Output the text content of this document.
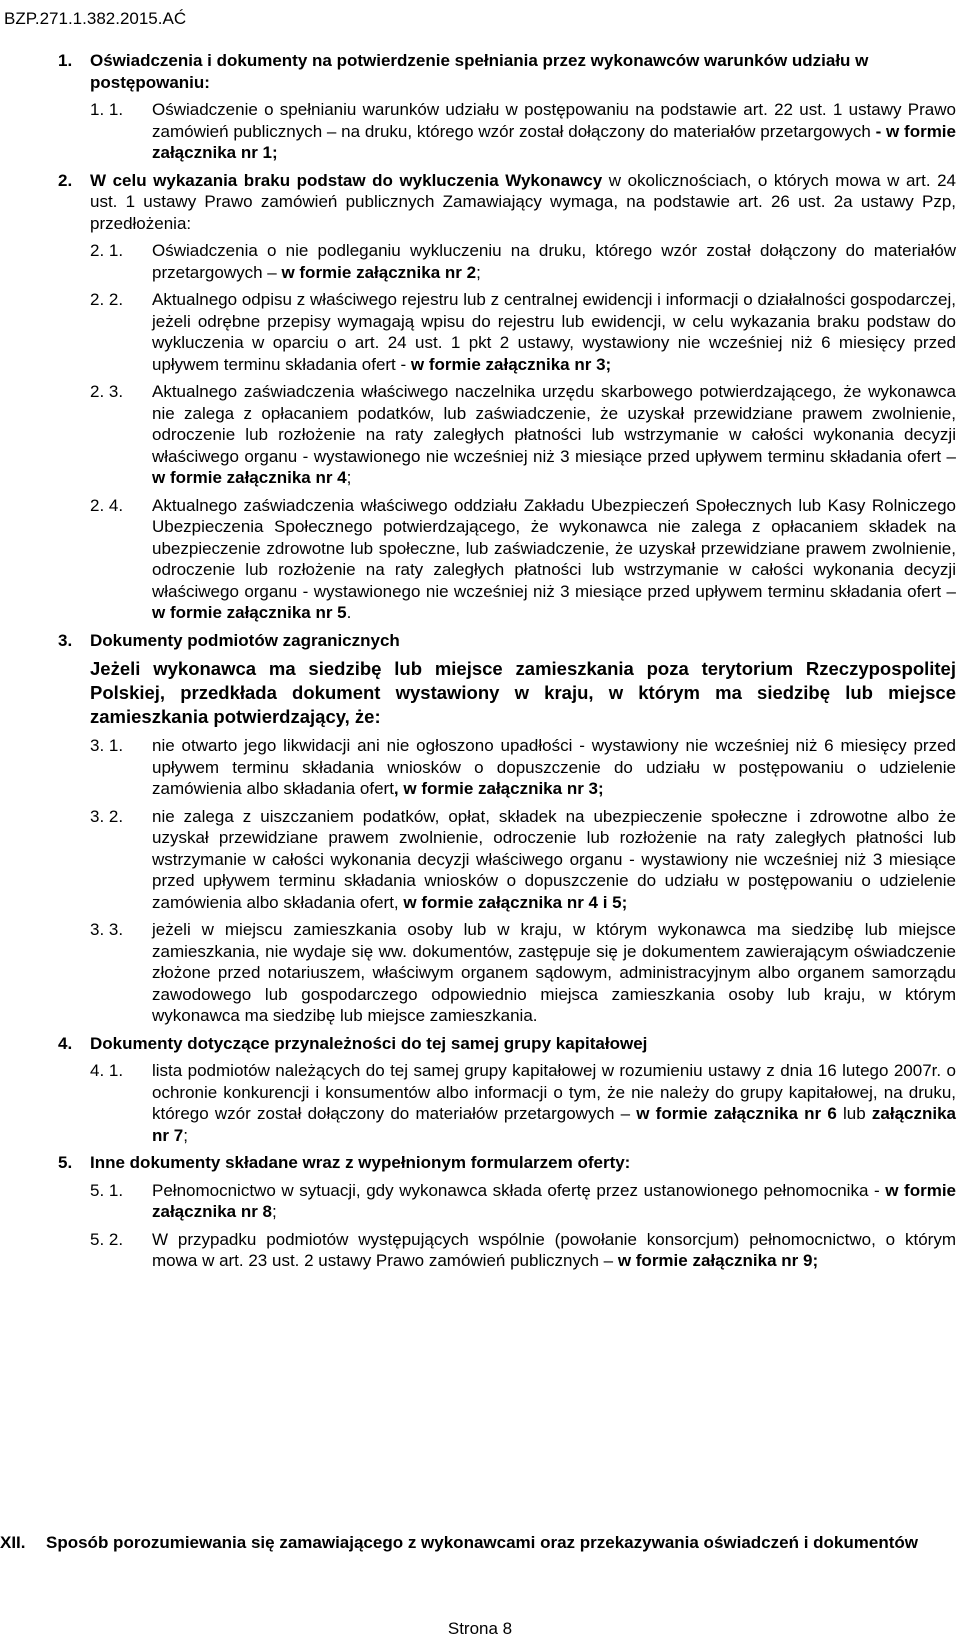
BZP.271.1.382.2015.AĆ
1. Oświadczenia i dokumenty na potwierdzenie spełniania przez wykonawców warunków udziału w postępowaniu:
1. 1. Oświadczenie o spełnianiu warunków udziału w postępowaniu na podstawie art. 22 ust. 1 ustawy Prawo zamówień publicznych – na druku, którego wzór został dołączony do materiałów przetargowych - w formie załącznika nr 1;
2. W celu wykazania braku podstaw do wykluczenia Wykonawcy w okolicznościach, o których mowa w art. 24 ust. 1 ustawy Prawo zamówień publicznych Zamawiający wymaga, na podstawie art. 26 ust. 2a ustawy Pzp, przedłożenia:
2. 1. Oświadczenia o nie podleganiu wykluczeniu na druku, którego wzór został dołączony do materiałów przetargowych – w formie załącznika nr 2;
2. 2. Aktualnego odpisu z właściwego rejestru lub z centralnej ewidencji i informacji o działalności gospodarczej, jeżeli odrębne przepisy wymagają wpisu do rejestru lub ewidencji, w celu wykazania braku podstaw do wykluczenia w oparciu o art. 24 ust. 1 pkt 2 ustawy, wystawiony nie wcześniej niż 6 miesięcy przed upływem terminu składania ofert - w formie załącznika nr 3;
2. 3. Aktualnego zaświadczenia właściwego naczelnika urzędu skarbowego potwierdzającego, że wykonawca nie zalega z opłacaniem podatków, lub zaświadczenie, że uzyskał przewidziane prawem zwolnienie, odroczenie lub rozłożenie na raty zaległych płatności lub wstrzymanie w całości wykonania decyzji właściwego organu - wystawionego nie wcześniej niż 3 miesiące przed upływem terminu składania ofert – w formie załącznika nr 4;
2. 4. Aktualnego zaświadczenia właściwego oddziału Zakładu Ubezpieczeń Społecznych lub Kasy Rolniczego Ubezpieczenia Społecznego potwierdzającego, że wykonawca nie zalega z opłacaniem składek na ubezpieczenie zdrowotne lub społeczne, lub zaświadczenie, że uzyskał przewidziane prawem zwolnienie, odroczenie lub rozłożenie na raty zaległych płatności lub wstrzymanie w całości wykonania decyzji właściwego organu - wystawionego nie wcześniej niż 3 miesiące przed upływem terminu składania ofert – w formie załącznika nr 5.
3. Dokumenty podmiotów zagranicznych
Jeżeli wykonawca ma siedzibę lub miejsce zamieszkania poza terytorium Rzeczypospolitej Polskiej, przedkłada dokument wystawiony w kraju, w którym ma siedzibę lub miejsce zamieszkania potwierdzający, że:
3. 1. nie otwarto jego likwidacji ani nie ogłoszono upadłości - wystawiony nie wcześniej niż 6 miesięcy przed upływem terminu składania wniosków o dopuszczenie do udziału w postępowaniu o udzielenie zamówienia albo składania ofert, w formie załącznika nr 3;
3. 2. nie zalega z uiszczaniem podatków, opłat, składek na ubezpieczenie społeczne i zdrowotne albo że uzyskał przewidziane prawem zwolnienie, odroczenie lub rozłożenie na raty zaległych płatności lub wstrzymanie w całości wykonania decyzji właściwego organu - wystawiony nie wcześniej niż 3 miesiące przed upływem terminu składania wniosków o dopuszczenie do udziału w postępowaniu o udzielenie zamówienia albo składania ofert, w formie załącznika nr 4 i 5;
3. 3. jeżeli w miejscu zamieszkania osoby lub w kraju, w którym wykonawca ma siedzibę lub miejsce zamieszkania, nie wydaje się ww. dokumentów, zastępuje się je dokumentem zawierającym oświadczenie złożone przed notariuszem, właściwym organem sądowym, administracyjnym albo organem samorządu zawodowego lub gospodarczego odpowiednio miejsca zamieszkania osoby lub kraju, w którym wykonawca ma siedzibę lub miejsce zamieszkania.
4. Dokumenty dotyczące przynależności do tej samej grupy kapitałowej
4. 1. lista podmiotów należących do tej samej grupy kapitałowej w rozumieniu ustawy z dnia 16 lutego 2007r. o ochronie konkurencji i konsumentów albo informacji o tym, że nie należy do grupy kapitałowej, na druku, którego wzór został dołączony do materiałów przetargowych – w formie załącznika nr 6 lub załącznika nr 7;
5. Inne dokumenty składane wraz z wypełnionym formularzem oferty:
5. 1. Pełnomocnictwo w sytuacji, gdy wykonawca składa ofertę przez ustanowionego pełnomocnika - w formie załącznika nr 8;
5. 2. W przypadku podmiotów występujących wspólnie (powołanie konsorcjum) pełnomocnictwo, o którym mowa w art. 23 ust. 2 ustawy Prawo zamówień publicznych – w formie załącznika nr 9;
XII.	Sposób porozumiewania się zamawiającego z wykonawcami oraz przekazywania oświadczeń i dokumentów
Strona 8
